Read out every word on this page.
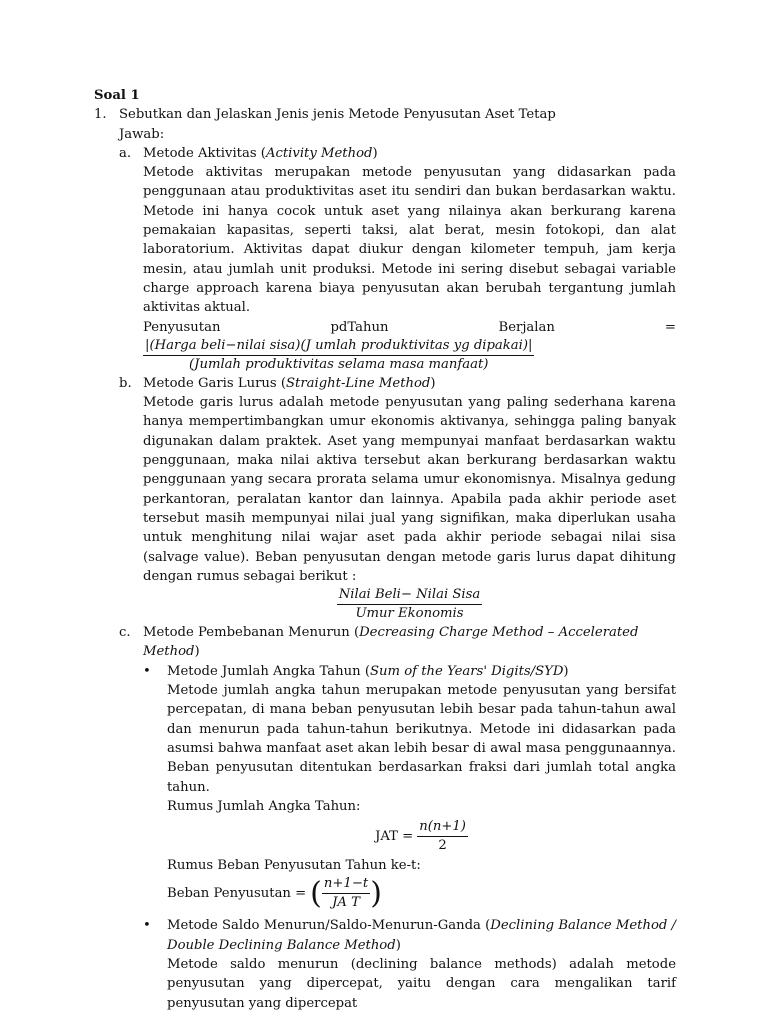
Soal 1
1. Sebutkan dan Jelaskan Jenis jenis Metode Penyusutan Aset Tetap
Jawab:
a. Metode Aktivitas (Activity Method)
Metode aktivitas merupakan metode penyusutan yang didasarkan pada penggunaan atau produktivitas aset itu sendiri dan bukan berdasarkan waktu. Metode ini hanya cocok untuk aset yang nilainya akan berkurang karena pemakaian kapasitas, seperti taksi, alat berat, mesin fotokopi, dan alat laboratorium. Aktivitas dapat diukur dengan kilometer tempuh, jam kerja mesin, atau jumlah unit produksi. Metode ini sering disebut sebagai variable charge approach karena biaya penyusutan akan berubah tergantung jumlah aktivitas aktual.
Penyusutan	pdTahun	Berjalan	=
$\frac{\text{|(Harga beli−nilai sisa)(J umlah produktivitas yg dipakai)|}}{\text{(Jumlah produktivitas selama masa manfaat)}}$
b. Metode Garis Lurus (Straight-Line Method)
Metode garis lurus adalah metode penyusutan yang paling sederhana karena hanya mempertimbangkan umur ekonomis aktivanya, sehingga paling banyak digunakan dalam praktek. Aset yang mempunyai manfaat berdasarkan waktu penggunaan, maka nilai aktiva tersebut akan berkurang berdasarkan waktu penggunaan yang secara prorata selama umur ekonomisnya. Misalnya gedung perkantoran, peralatan kantor dan lainnya. Apabila pada akhir periode aset tersebut masih mempunyai nilai jual yang signifikan, maka diperlukan usaha untuk menghitung nilai wajar aset pada akhir periode sebagai nilai sisa (salvage value). Beban penyusutan dengan metode garis lurus dapat dihitung dengan rumus sebagai berikut :
$\frac{\text{Nilai Beli− Nilai Sisa}}{\text{Umur Ekonomis}}$
c. Metode Pembebanan Menurun (Decreasing Charge Method – Accelerated Method)
•	Metode Jumlah Angka Tahun (Sum of the Years' Digits/SYD)
Metode jumlah angka tahun merupakan metode penyusutan yang bersifat percepatan, di mana beban penyusutan lebih besar pada tahun-tahun awal dan menurun pada tahun-tahun berikutnya. Metode ini didasarkan pada asumsi bahwa manfaat aset akan lebih besar di awal masa penggunaannya. Beban penyusutan ditentukan berdasarkan fraksi dari jumlah total angka tahun.
Rumus Jumlah Angka Tahun:
JAT = $\frac{n(n+1)}{2}$
Rumus Beban Penyusutan Tahun ke-t:
Beban Penyusutan = ( $\frac{n+1-t}{\text{JA T}}$ )
•	Metode Saldo Menurun/Saldo-Menurun-Ganda (Declining Balance Method / Double Declining Balance Method)
Metode saldo menurun (declining balance methods) adalah metode penyusutan yang dipercepat, yaitu dengan cara mengalikan tarif penyusutan yang dipercepat
